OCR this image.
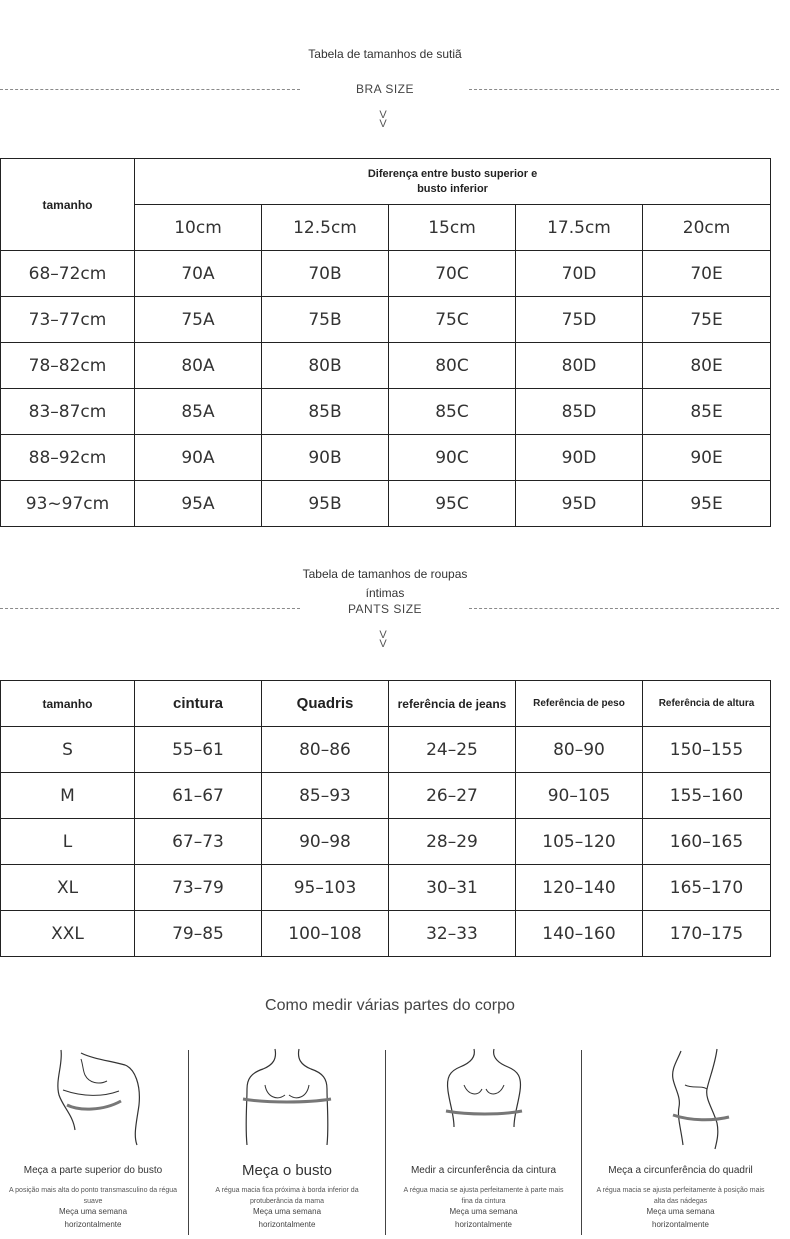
Tabela de tamanhos de sutiã
BRA SIZE
V
V
tamanho	Diferença entre busto superior e busto inferior				
	10cm	12.5cm	15cm	17.5cm	20cm
68–72cm	70A	70B	70C	70D	70E
73–77cm	75A	75B	75C	75D	75E
78–82cm	80A	80B	80C	80D	80E
83–87cm	85A	85B	85C	85D	85E
88–92cm	90A	90B	90C	90D	90E
93~97cm	95A	95B	95C	95D	95E
Tabela de tamanhos de roupas íntimas
PANTS SIZE
V
V
tamanho	cintura	Quadris	referência de jeans	Referência de peso	Referência de altura
S	55–61	80–86	24–25	80–90	150–155
M	61–67	85–93	26–27	90–105	155–160
L	67–73	90–98	28–29	105–120	160–165
XL	73–79	95–103	30–31	120–140	165–170
XXL	79–85	100–108	32–33	140–160	170–175
Como medir várias partes do corpo
Meça a parte superior do busto
A posição mais alta do ponto transmasculino da régua suave
Meça uma semana horizontalmente
Meça o busto
A régua macia fica próxima à borda inferior da protuberância da mama
Meça uma semana horizontalmente
Medir a circunferência da cintura
A régua macia se ajusta perfeitamente à parte mais fina da cintura
Meça uma semana horizontalmente
Meça a circunferência do quadril
A régua macia se ajusta perfeitamente à posição mais alta das nádegas
Meça uma semana horizontalmente
